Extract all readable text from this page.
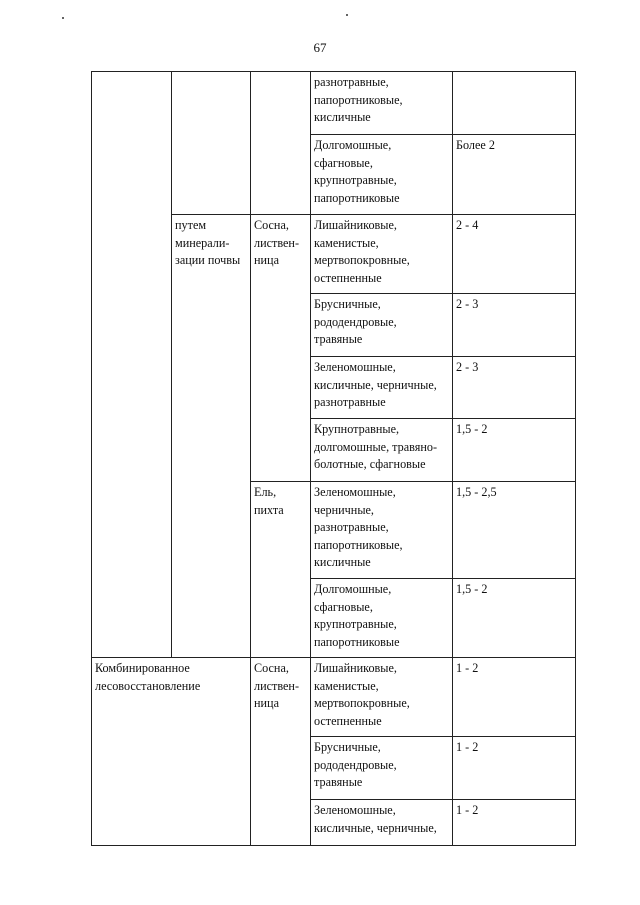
67
			разнотравные,
папоротниковые,
кисличные	
			Долгомошные,
сфагновые,
крупнотравные,
папоротниковые	Более 2
	путем
минерали-
зации почвы	Сосна,
листвен-
ница	Лишайниковые,
каменистые,
мертвопокровные,
остепненные	2 - 4
			Брусничные,
рододендровые,
травяные	2 - 3
			Зеленомошные,
кисличные, черничные,
разнотравные	2 - 3
			Крупнотравные,
долгомошные, травяно-
болотные, сфагновые	1,5 - 2
		Ель,
пихта	Зеленомошные,
черничные,
разнотравные,
папоротниковые,
кисличные	1,5 - 2,5
			Долгомошные,
сфагновые,
крупнотравные,
папоротниковые	1,5 - 2
Комбинированное
лесовосстановление		Сосна,
листвен-
ница	Лишайниковые,
каменистые,
мертвопокровные,
остепненные	1 - 2
			Брусничные,
рододендровые,
травяные	1 - 2
			Зеленомошные,
кисличные, черничные,	1 - 2
